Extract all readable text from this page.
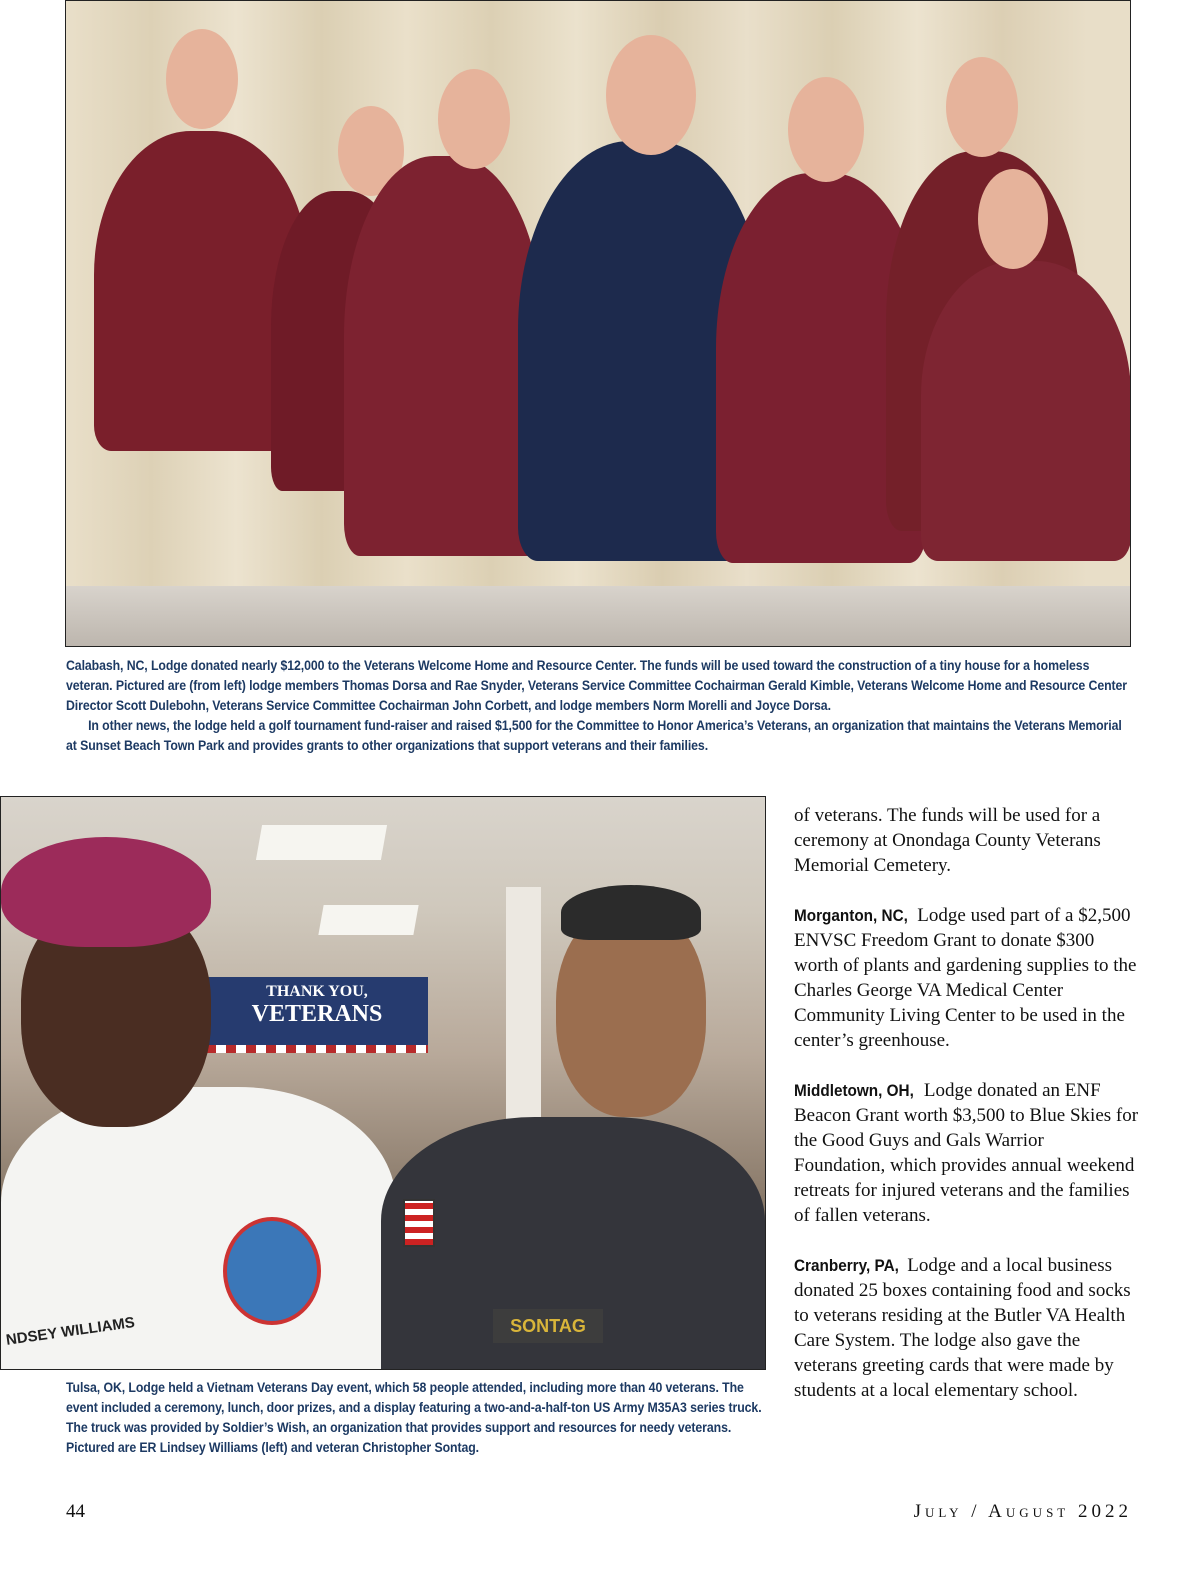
Calabash, NC, Lodge donated nearly $12,000 to the Veterans Welcome Home and Resource Center. The funds will be used toward the construction of a tiny house for a homeless veteran. Pictured are (from left) lodge members Thomas Dorsa and Rae Snyder, Veterans Service Committee Cochairman Gerald Kimble, Veterans Welcome Home and Resource Center Director Scott Dulebohn, Veterans Service Committee Cochairman John Corbett, and lodge members Norm Morelli and Joyce Dorsa.
In other news, the lodge held a golf tournament fund-raiser and raised $1,500 for the Committee to Honor America’s Veterans, an organization that maintains the Veterans Memorial at Sunset Beach Town Park and provides grants to other organizations that support veterans and their families.
THANK YOU,
VETERANS
NDSEY WILLIAMS	SONTAG
Tulsa, OK, Lodge held a Vietnam Veterans Day event, which 58 people attended, including more than 40 veterans. The event included a ceremony, lunch, door prizes, and a display featuring a two-and-a-half-ton US Army M35A3 series truck. The truck was provided by Soldier’s Wish, an organization that provides support and resources for needy veterans. Pictured are ER Lindsey Williams (left) and veteran Christopher Sontag.

of veterans. The funds will be used for a ceremony at Onondaga County Veterans Memorial Cemetery.

Morganton, NC, Lodge used part of a $2,500 ENVSC Freedom Grant to donate $300 worth of plants and gardening supplies to the Charles George VA Medical Center Community Living Center to be used in the center’s greenhouse.

Middletown, OH, Lodge donated an ENF Beacon Grant worth $3,500 to Blue Skies for the Good Guys and Gals Warrior Foundation, which provides annual weekend retreats for injured veterans and the families of fallen veterans.

Cranberry, PA, Lodge and a local business donated 25 boxes containing food and socks to veterans residing at the Butler VA Health Care System. The lodge also gave the veterans greeting cards that were made by students at a local elementary school.

44	July / August 2022
